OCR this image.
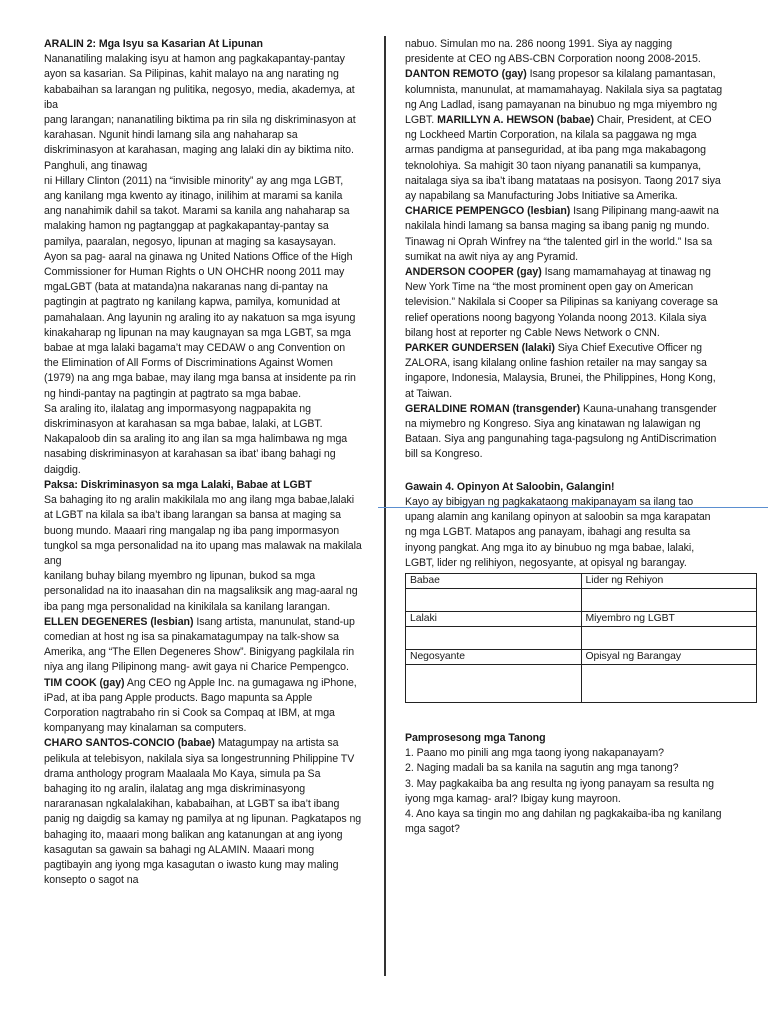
ARALIN 2: Mga Isyu sa Kasarian At Lipunan

Nananatiling malaking isyu at hamon ang pagkakapantay-pantay ayon sa kasarian. Sa Pilipinas, kahit malayo na ang narating ng kababaihan sa larangan ng pulitika, negosyo, media, akademya, at iba

pang larangan; nananatiling biktima pa rin sila ng diskriminasyon at karahasan. Ngunit hindi lamang sila ang nahaharap sa diskriminasyon at karahasan, maging ang lalaki din ay biktima nito. Panghuli, ang tinawag

ni Hillary Clinton (2011) na “invisible minority” ay ang mga LGBT, ang kanilang mga kwento ay itinago, inilihim at marami sa kanila ang nanahimik dahil sa takot. Marami sa kanila ang nahaharap sa malaking hamon ng pagtanggap at pagkakapantay-pantay sa pamilya, paaralan, negosyo, lipunan at maging sa kasaysayan.

Ayon sa pag- aaral na ginawa ng United Nations Office of the High Commissioner for Human Rights o UN OHCHR noong 2011 may mgaLGBT (bata at matanda)na nakaranas nang di-pantay na pagtingin at pagtrato ng kanilang kapwa, pamilya, komunidad at pamahalaan. Ang layunin ng araling ito ay nakatuon sa mga isyung kinakaharap ng lipunan na may kaugnayan sa mga LGBT, sa mga babae at mga lalaki bagama’t may CEDAW o ang Convention on the Elimination of All Forms of Discriminations Against Women (1979) na ang mga babae, may ilang mga bansa at insidente pa rin ng hindi-pantay na pagtingin at pagtrato sa mga babae.

Sa araling ito, ilalatag ang impormasyong nagpapakita ng diskriminasyon at karahasan sa mga babae, lalaki, at LGBT. Nakapaloob din sa araling ito ang ilan sa mga halimbawa ng mga nasabing diskriminasyon at karahasan sa ibat’ ibang bahagi ng daigdig.

Paksa: Diskriminasyon sa mga Lalaki, Babae at LGBT

Sa bahaging ito ng aralin makikilala mo ang ilang mga babae,lalaki at LGBT na kilala sa iba’t ibang larangan sa bansa at maging sa buong mundo. Maaari ring mangalap ng iba pang impormasyon tungkol sa mga personalidad na ito upang mas malawak na makilala ang

kanilang buhay bilang myembro ng lipunan, bukod sa mga personalidad na ito inaasahan din na magsaliksik ang mag-aaral ng iba pang mga personalidad na kinikilala sa kanilang larangan.

ELLEN DEGENERES (lesbian) Isang artista, manunulat, stand-up comedian at host ng isa sa pinakamatagumpay na talk-show sa Amerika, ang “The Ellen Degeneres Show”. Binigyang pagkilala rin niya ang ilang Pilipinong mang- awit gaya ni Charice Pempengco.

TIM COOK (gay) Ang CEO ng Apple Inc. na gumagawa ng iPhone, iPad, at iba pang Apple products. Bago mapunta sa Apple Corporation nagtrabaho rin si Cook sa Compaq at IBM, at mga kompanyang may kinalaman sa computers.

CHARO SANTOS-CONCIO (babae) Matagumpay na artista sa pelikula at telebisyon, nakilala siya sa longestrunning Philippine TV drama anthology program Maalaala Mo Kaya, simula pa Sa bahaging ito ng aralin, ilalatag ang mga diskriminasyong nararanasan ngkalalakihan, kababaihan, at LGBT sa iba’t ibang panig ng daigdig sa kamay ng pamilya at ng lipunan. Pagkatapos ng bahaging ito, maaari mong balikan ang katanungan at ang iyong kasagutan sa gawain sa bahagi ng ALAMIN. Maaari mong pagtibayin ang iyong mga kasagutan o iwasto kung may maling konsepto o sagot na

nabuo. Simulan mo na. 286 noong 1991. Siya ay nagging presidente at CEO ng ABS-CBN Corporation noong 2008-2015.

DANTON REMOTO (gay) Isang propesor sa kilalang pamantasan, kolumnista, manunulat, at mamamahayag. Nakilala siya sa pagtatag ng Ang Ladlad, isang pamayanan na binubuo ng mga miyembro ng LGBT. MARILLYN A. HEWSON (babae) Chair, President, at CEO ng Lockheed Martin Corporation, na kilala sa paggawa ng mga armas pandigma at panseguridad, at iba pang mga makabagong teknolohiya. Sa mahigit 30 taon niyang pananatili sa kumpanya, naitalaga siya sa iba’t ibang matataas na posisyon. Taong 2017 siya ay napabilang sa Manufacturing Jobs Initiative sa Amerika.

CHARICE PEMPENGCO (lesbian) Isang Pilipinang mang-aawit na nakilala hindi lamang sa bansa maging sa ibang panig ng mundo. Tinawag ni Oprah Winfrey na “the talented girl in the world.” Isa sa sumikat na awit niya ay ang Pyramid.

ANDERSON COOPER (gay) Isang mamamahayag at tinawag ng New York Time na “the most prominent open gay on American television.” Nakilala si Cooper sa Pilipinas sa kaniyang coverage sa relief operations noong bagyong Yolanda noong 2013. Kilala siya bilang host at reporter ng Cable News Network o CNN.

PARKER GUNDERSEN (lalaki) Siya Chief Executive Officer ng ZALORA, isang kilalang online fashion retailer na may sangay sa ingapore, Indonesia, Malaysia, Brunei, the Philippines, Hong Kong, at Taiwan.

GERALDINE ROMAN (transgender) Kauna-unahang transgender na miymebro ng Kongreso. Siya ang kinatawan ng lalawigan ng Bataan. Siya ang pangunahing taga-pagsulong ng AntiDiscrimation bill sa Kongreso.

Gawain 4. Opinyon At Saloobin, Galangin!

Kayo ay bibigyan ng pagkakataong makipanayam sa ilang tao upang alamin ang kanilang opinyon at saloobin sa mga karapatan ng mga LGBT. Matapos ang panayam, ibahagi ang resulta sa inyong pangkat. Ang mga ito ay binubuo ng mga babae, lalaki, LGBT, lider ng relihiyon, negosyante, at opisyal ng barangay.

Babae	Lider ng Rehiyon

Lalaki	Miyembro ng LGBT

Negosyante	Opisyal ng Barangay

Pamprosesong mga Tanong

1. Paano mo pinili ang mga taong iyong nakapanayam?

2. Naging madali ba sa kanila na sagutin ang mga tanong?

3. May pagkakaiba ba ang resulta ng iyong panayam sa resulta ng iyong mga kamag- aral? Ibigay kung mayroon.

4. Ano kaya sa tingin mo ang dahilan ng pagkakaiba-iba ng kanilang mga sagot?
